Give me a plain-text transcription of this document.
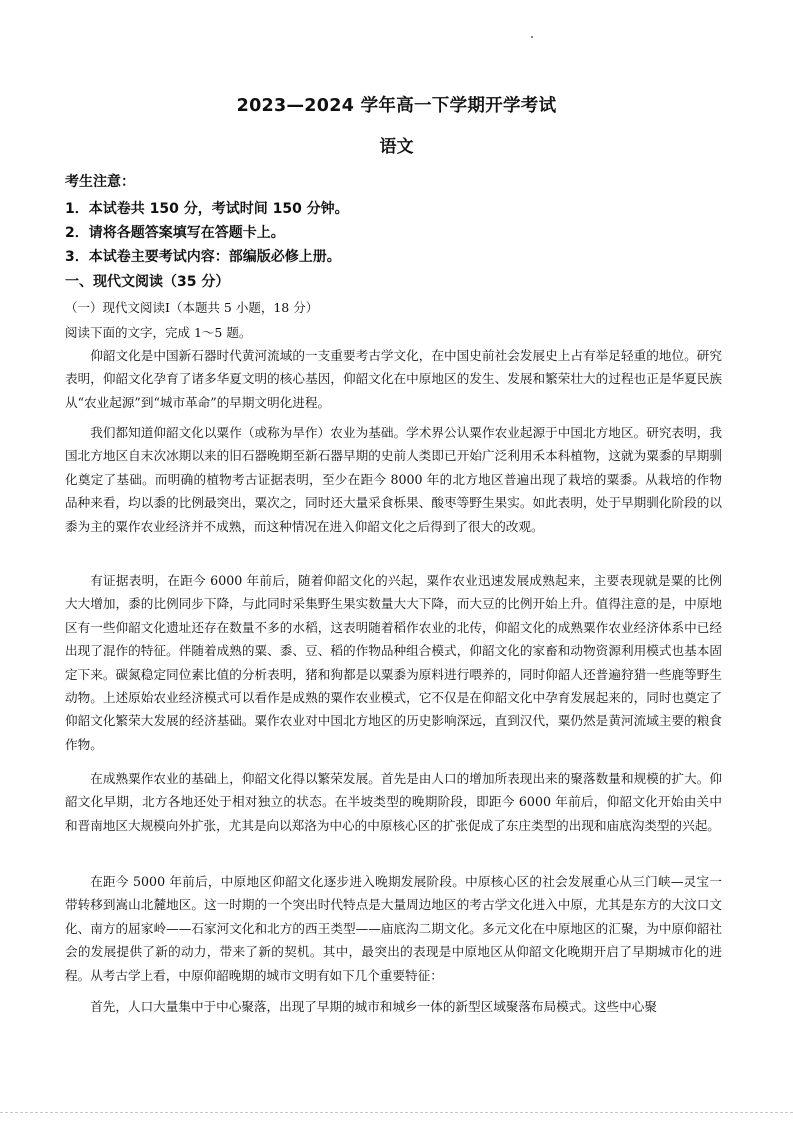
2023—2024 学年高一下学期开学考试
语文
考生注意：
1．本试卷共 150 分，考试时间 150 分钟。
2．请将各题答案填写在答题卡上。
3．本试卷主要考试内容：部编版必修上册。
一、现代文阅读（35 分）
（一）现代文阅读Ⅰ（本题共 5 小题，18 分）
阅读下面的文字，完成 1～5 题。

仰韶文化是中国新石器时代黄河流域的一支重要考古学文化，在中国史前社会发展史上占有举足轻重的地位。研究表明，仰韶文化孕育了诸多华夏文明的核心基因，仰韶文化在中原地区的发生、发展和繁荣壮大的过程也正是华夏民族从“农业起源”到“城市革命”的早期文明化进程。

我们都知道仰韶文化以粟作（或称为旱作）农业为基础。学术界公认粟作农业起源于中国北方地区。研究表明，我国北方地区自末次冰期以来的旧石器晚期至新石器早期的史前人类即已开始广泛利用禾本科植物，这就为粟黍的早期驯化奠定了基础。而明确的植物考古证据表明，至少在距今 8000 年的北方地区普遍出现了栽培的粟黍。从栽培的作物品种来看，均以黍的比例最突出，粟次之，同时还大量采食栎果、酸枣等野生果实。如此表明，处于早期驯化阶段的以黍为主的粟作农业经济并不成熟，而这种情况在进入仰韶文化之后得到了很大的改观。

有证据表明，在距今 6000 年前后，随着仰韶文化的兴起，粟作农业迅速发展成熟起来，主要表现就是粟的比例大大增加，黍的比例同步下降，与此同时采集野生果实数量大大下降，而大豆的比例开始上升。值得注意的是，中原地区有一些仰韶文化遗址还存在数量不多的水稻，这表明随着稻作农业的北传，仰韶文化的成熟粟作农业经济体系中已经出现了混作的特征。伴随着成熟的粟、黍、豆、稻的作物品种组合模式，仰韶文化的家畜和动物资源利用模式也基本固定下来。碳氮稳定同位素比值的分析表明，猪和狗都是以粟黍为原料进行喂养的，同时仰韶人还普遍狩猎一些鹿等野生动物。上述原始农业经济模式可以看作是成熟的粟作农业模式，它不仅是在仰韶文化中孕育发展起来的，同时也奠定了仰韶文化繁荣大发展的经济基础。粟作农业对中国北方地区的历史影响深远，直到汉代，粟仍然是黄河流域主要的粮食作物。

在成熟粟作农业的基础上，仰韶文化得以繁荣发展。首先是由人口的增加所表现出来的聚落数量和规模的扩大。仰韶文化早期，北方各地还处于相对独立的状态。在半坡类型的晚期阶段，即距今 6000 年前后，仰韶文化开始由关中和晋南地区大规模向外扩张，尤其是向以郑洛为中心的中原核心区的扩张促成了东庄类型的出现和庙底沟类型的兴起。

在距今 5000 年前后，中原地区仰韶文化逐步进入晚期发展阶段。中原核心区的社会发展重心从三门峡—灵宝一带转移到嵩山北麓地区。这一时期的一个突出时代特点是大量周边地区的考古学文化进入中原，尤其是东方的大汶口文化、南方的屈家岭——石家河文化和北方的西王类型——庙底沟二期文化。多元文化在中原地区的汇聚，为中原仰韶社会的发展提供了新的动力，带来了新的契机。其中，最突出的表现是中原地区从仰韶文化晚期开启了早期城市化的进程。从考古学上看，中原仰韶晚期的城市文明有如下几个重要特征：

首先，人口大量集中于中心聚落，出现了早期的城市和城乡一体的新型区域聚落布局模式。这些中心聚
